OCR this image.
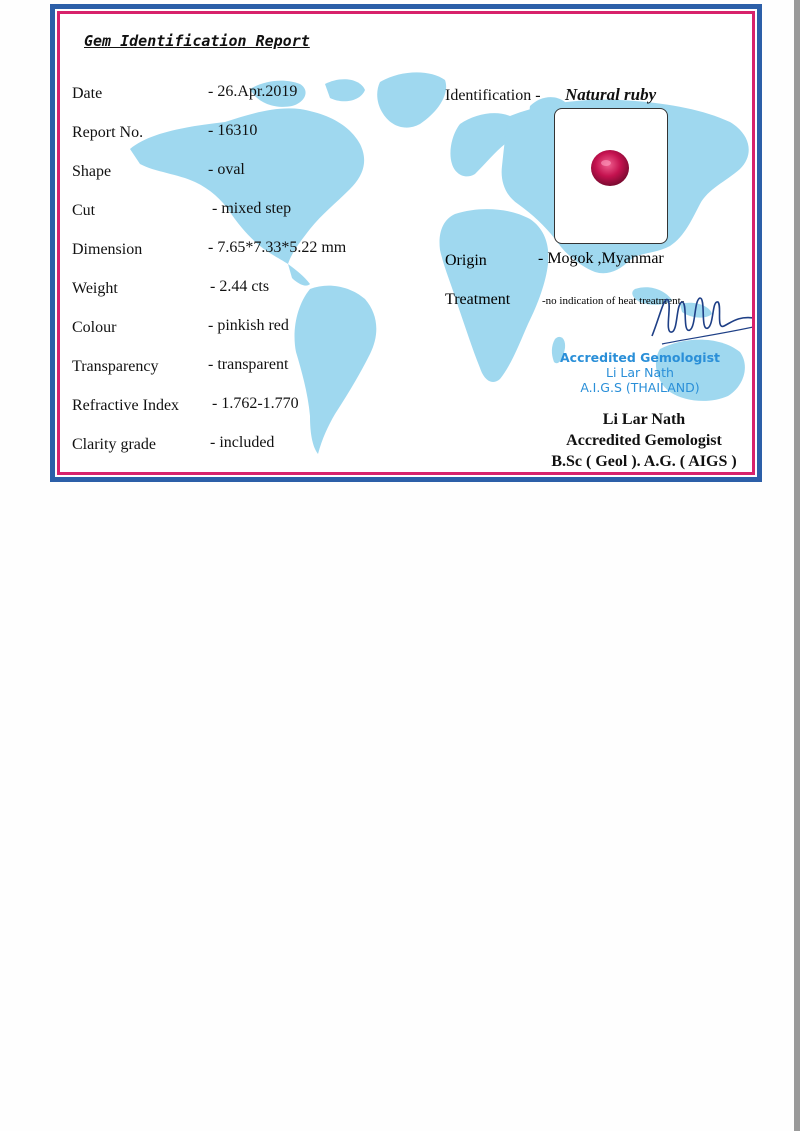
Gem Identification Report
Date	- 26.Apr.2019
Report No.	- 16310
Shape	- oval
Cut	- mixed step
Dimension	- 7.65*7.33*5.22 mm
Weight	- 2.44 cts
Colour	- pinkish red
Transparency	- transparent
Refractive Index - 1.762-1.770
Clarity grade	- included
Identification - Natural ruby
Origin	- Mogok ,Myanmar
Treatment	-no indication of heat treatment-
Accredited Gemologist
Li Lar Nath
A.I.G.S (THAILAND)
Li Lar Nath
Accredited Gemologist
B.Sc ( Geol ). A.G. ( AIGS )
